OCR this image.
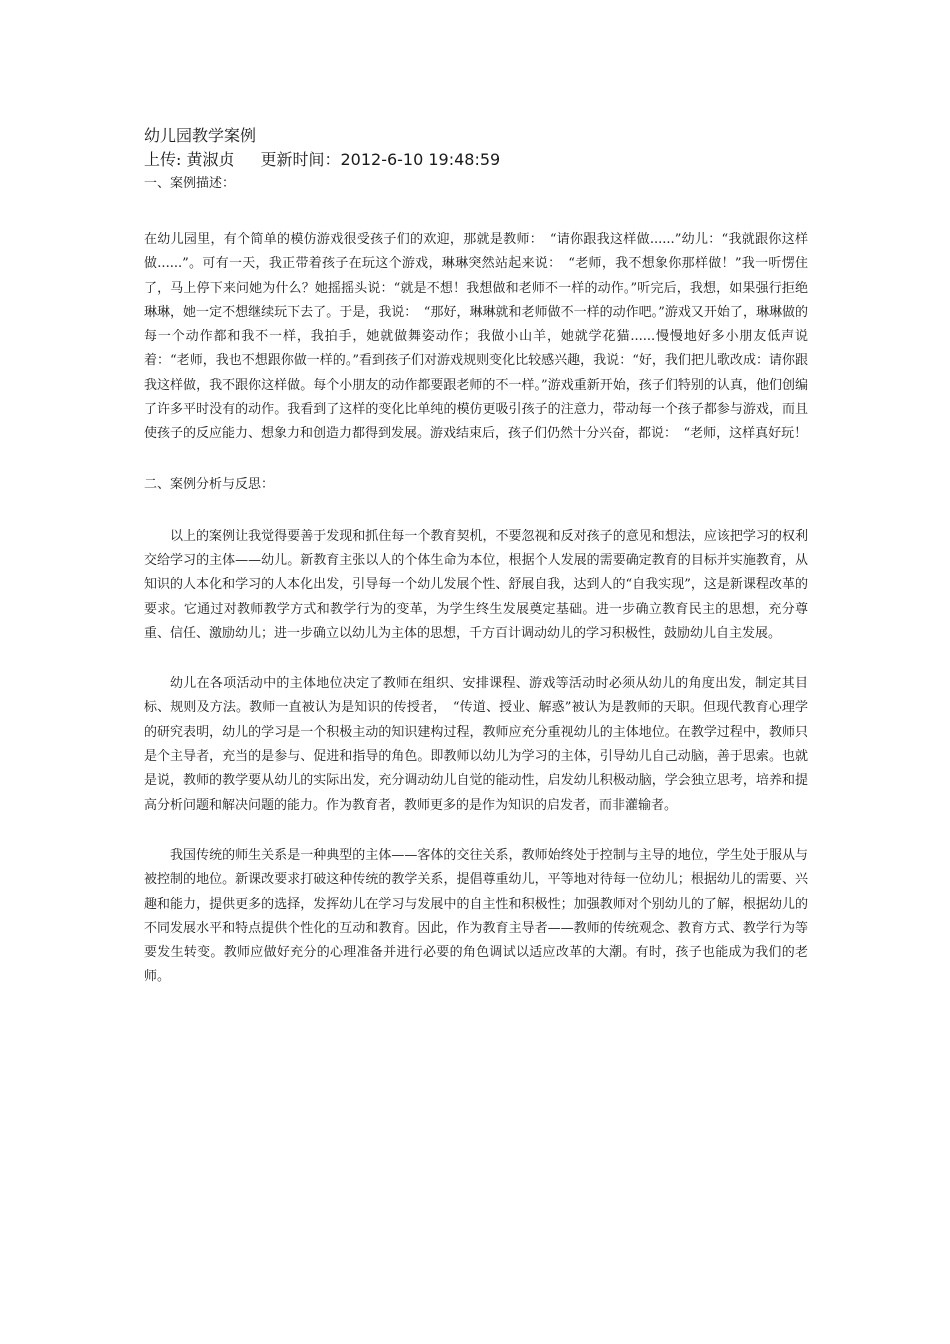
幼儿园教学案例

上传: 黄淑贞 更新时间：2012-6-10 19:48:59

一、案例描述：

在幼儿园里，有个简单的模仿游戏很受孩子们的欢迎，那就是教师：　“请你跟我这样做......”幼儿：“我就跟你这样做......”。可有一天，我正带着孩子在玩这个游戏，琳琳突然站起来说：　“老师，我不想象你那样做！”我一听愣住了，马上停下来问她为什么？她摇摇头说：“就是不想！我想做和老师不一样的动作。”听完后，我想，如果强行拒绝琳琳，她一定不想继续玩下去了。于是，我说：　“那好，琳琳就和老师做不一样的动作吧。”游戏又开始了，琳琳做的每一个动作都和我不一样，我拍手，她就做舞姿动作；我做小山羊，她就学花猫......慢慢地好多小朋友低声说着：“老师，我也不想跟你做一样的。”看到孩子们对游戏规则变化比较感兴趣，我说：“好，我们把儿歌改成：请你跟我这样做，我不跟你这样做。每个小朋友的动作都要跟老师的不一样。”游戏重新开始，孩子们特别的认真，他们创编了许多平时没有的动作。我看到了这样的变化比单纯的模仿更吸引孩子的注意力，带动每一个孩子都参与游戏，而且使孩子的反应能力、想象力和创造力都得到发展。游戏结束后，孩子们仍然十分兴奋，都说：　“老师，这样真好玩！

二、案例分析与反思：

以上的案例让我觉得要善于发现和抓住每一个教育契机，不要忽视和反对孩子的意见和想法，应该把学习的权利交给学习的主体——幼儿。新教育主张以人的个体生命为本位，根据个人发展的需要确定教育的目标并实施教育，从知识的人本化和学习的人本化出发，引导每一个幼儿发展个性、舒展自我，达到人的“自我实现”，这是新课程改革的要求。它通过对教师教学方式和教学行为的变革，为学生终生发展奠定基础。进一步确立教育民主的思想，充分尊重、信任、激励幼儿；进一步确立以幼儿为主体的思想，千方百计调动幼儿的学习积极性，鼓励幼儿自主发展。

幼儿在各项活动中的主体地位决定了教师在组织、安排课程、游戏等活动时必须从幼儿的角度出发，制定其目标、规则及方法。教师一直被认为是知识的传授者，　“传道、授业、解惑”被认为是教师的天职。但现代教育心理学的研究表明，幼儿的学习是一个积极主动的知识建构过程，教师应充分重视幼儿的主体地位。在教学过程中，教师只是个主导者，充当的是参与、促进和指导的角色。即教师以幼儿为学习的主体，引导幼儿自己动脑，善于思索。也就是说，教师的教学要从幼儿的实际出发，充分调动幼儿自觉的能动性，启发幼儿积极动脑，学会独立思考，培养和提高分析问题和解决问题的能力。作为教育者，教师更多的是作为知识的启发者，而非灌输者。

我国传统的师生关系是一种典型的主体——客体的交往关系，教师始终处于控制与主导的地位，学生处于服从与被控制的地位。新课改要求打破这种传统的教学关系，提倡尊重幼儿，平等地对待每一位幼儿；根据幼儿的需要、兴趣和能力，提供更多的选择，发挥幼儿在学习与发展中的自主性和积极性；加强教师对个别幼儿的了解，根据幼儿的不同发展水平和特点提供个性化的互动和教育。因此，作为教育主导者——教师的传统观念、教育方式、教学行为等要发生转变。教师应做好充分的心理准备并进行必要的角色调试以适应改革的大潮。有时，孩子也能成为我们的老师。
